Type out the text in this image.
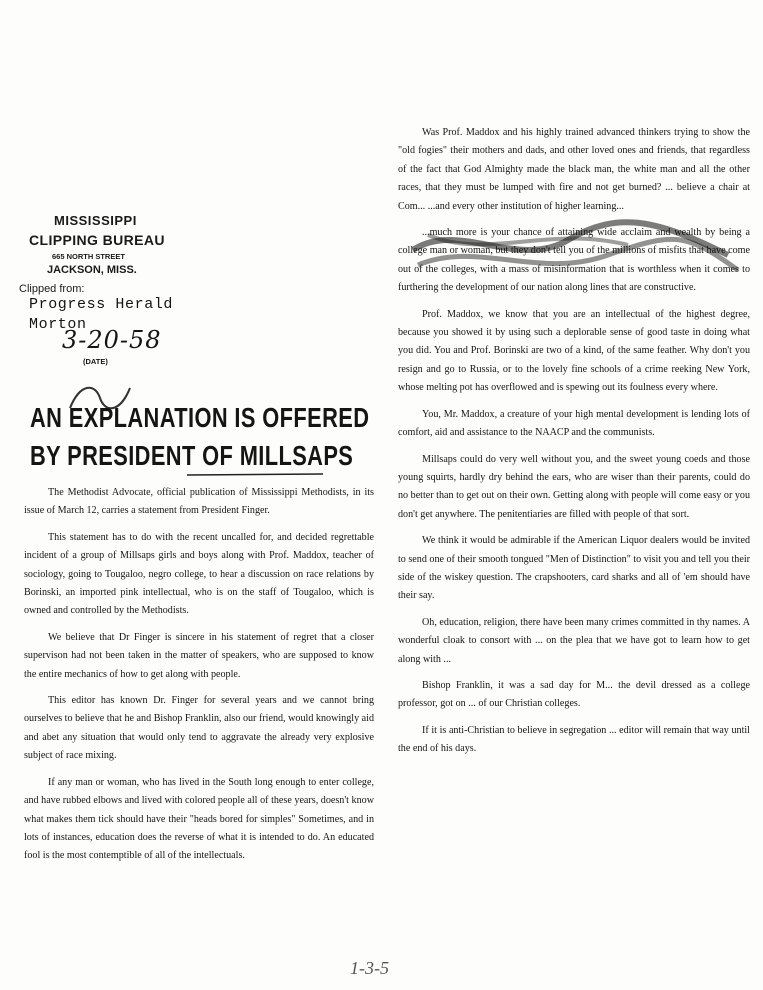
MISSISSIPPI
CLIPPING BUREAU
665 NORTH STREET
JACKSON, MISS.
Clipped from:
Progress Herald
Morton
3-20-58
(DATE)
AN EXPLANATION IS OFFERED
BY PRESIDENT OF MILLSAPS

The Methodist Advocate, official publication of Mississippi Methodists, in its issue of March 12, carries a statement from President Finger.

This statement has to do with the recent uncalled for, and decided regrettable incident of a group of Millsaps girls and boys along with Prof. Maddox, teacher of sociology, going to Tougaloo, negro college, to hear a discussion on race relations by Borinski, an imported pink intellectual, who is on the staff of Tougaloo, which is owned and controlled by the Methodists.

We believe that Dr Finger is sincere in his statement of regret that a closer supervison had not been taken in the matter of speakers, who are supposed to know the entire mechanics of how to get along with people.

This editor has known Dr. Finger for several years and we cannot bring ourselves to believe that he and Bishop Franklin, also our friend, would knowingly aid and abet any situation that would only tend to aggravate the already very explosive subject of race mixing.

If any man or woman, who has lived in the South long enough to enter college, and have rubbed elbows and lived with colored people all of these years, doesn't know what makes them tick should have their "heads bored for simples" Sometimes, and in lots of instances, education does the reverse of what it is intended to do. An educated fool is the most contemptible of all of the intellectuals.

Was Prof. Maddox and his highly trained advanced thinkers trying to show the "old fogies" their mothers and dads, and other loved ones and friends, that regardless of the fact that God Almighty made the black man, the white man and all the other races, that they must be lumped with fire and not get burned? ... believe a chair at Com... ...and every other institution of higher learning...

...much more is your chance of attaining wide acclaim and wealth by being a college man or woman, but they don't tell you of the millions of misfits that have come out of the colleges, with a mass of misinformation that is worthless when it comes to furthering the development of our nation along lines that are constructive.

Prof. Maddox, we know that you are an intellectual of the highest degree, because you showed it by using such a deplorable sense of good taste in doing what you did. You and Prof. Borinski are two of a kind, of the same feather. Why don't you resign and go to Russia, or to the lovely fine schools of a crime reeking New York, whose melting pot has overflowed and is spewing out its foulness every where.

You, Mr. Maddox, a creature of your high mental development is lending lots of comfort, aid and assistance to the NAACP and the communists.

Millsaps could do very well without you, and the sweet young coeds and those young squirts, hardly dry behind the ears, who are wiser than their parents, could do no better than to get out on their own. Getting along with people will come easy or you don't get anywhere. The penitentiaries are filled with people of that sort.

We think it would be admirable if the American Liquor dealers would be invited to send one of their smooth tongued "Men of Distinction" to visit you and tell you their side of the wiskey question. The crapshooters, card sharks and all of 'em should have their say.

Oh, education, religion, there have been many crimes committed in thy names. A wonderful cloak to consort with ... on the plea that we have got to learn how to get along with ...

Bishop Franklin, it was a sad day for M... the devil dressed as a college professor, got on ... of our Christian colleges.

If it is anti-Christian to believe in segregation ... editor will remain that way until the end of his days.

1-3-5
